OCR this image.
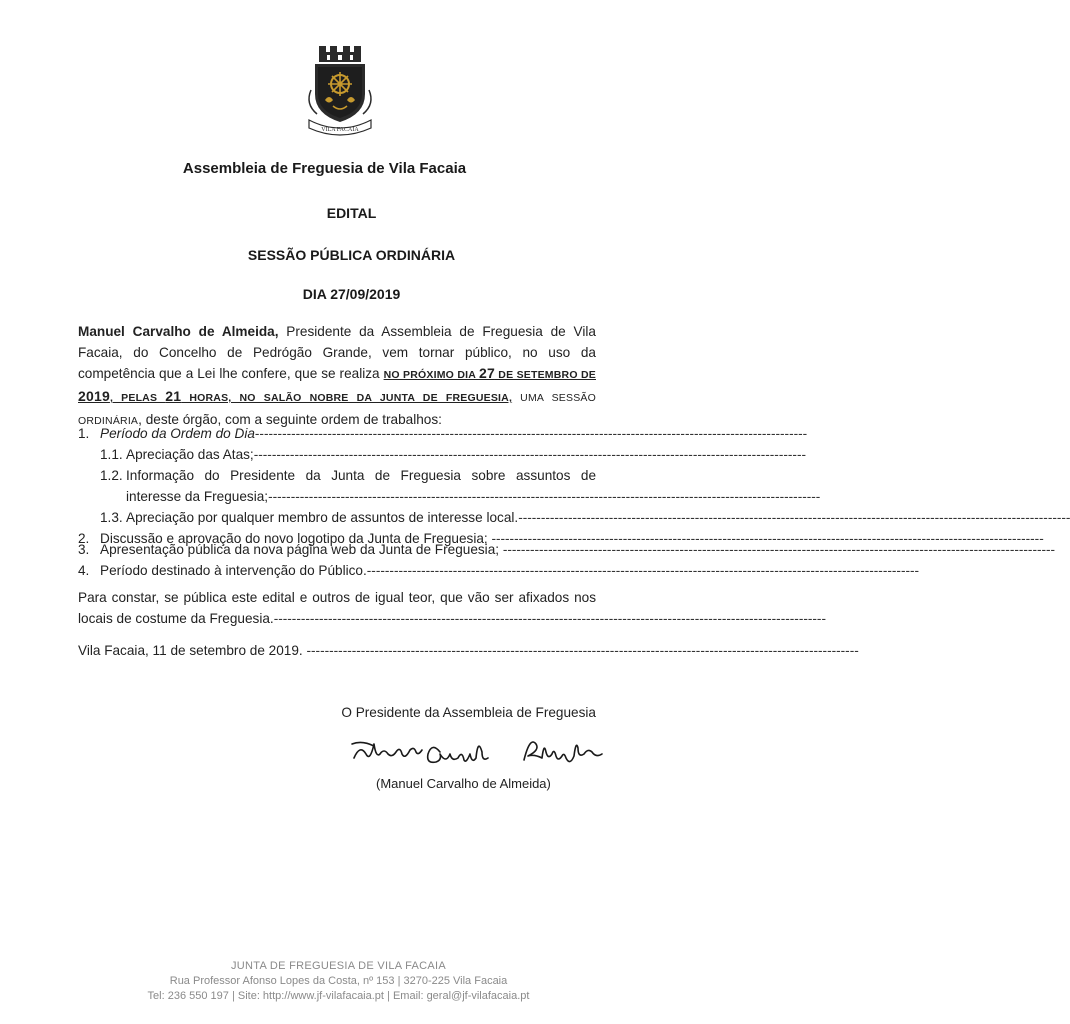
VILA FACAIA
Assembleia de Freguesia de Vila Facaia
EDITAL
SESSÃO PÚBLICA ORDINÁRIA
DIA 27/09/2019
Manuel Carvalho de Almeida, Presidente da Assembleia de Freguesia de Vila Facaia, do Concelho de Pedrógão Grande, vem tornar público, no uso da competência que a Lei lhe confere, que se realiza NO PRÓXIMO DIA 27 DE SETEMBRO DE 2019, PELAS 21 HORAS, NO SALÃO NOBRE DA JUNTA DE FREGUESIA, UMA SESSÃO ORDINÁRIA, deste órgão, com a seguinte ordem de trabalhos:
1. Período da Ordem do Dia--------------------------------------------------------------------------------------------------------------------------
1.1. Apreciação das Atas;--------------------------------------------------------------------------------------------------------------------------
1.2. Informação do Presidente da Junta de Freguesia sobre assuntos de
interesse da Freguesia;--------------------------------------------------------------------------------------------------------------------------
1.3. Apreciação por qualquer membro de assuntos de interesse local.--------------------------------------------------------------------------------------------------------------------------
2. Discussão e aprovação do novo logotipo da Junta de Freguesia; --------------------------------------------------------------------------------------------------------------------------
3. Apresentação pública da nova página web da Junta de Freguesia; --------------------------------------------------------------------------------------------------------------------------
4. Período destinado à intervenção do Público.--------------------------------------------------------------------------------------------------------------------------
Para constar, se pública este edital e outros de igual teor, que vão ser afixados nos locais de costume da Freguesia.--------------------------------------------------------------------------------------------------------------------------
Vila Facaia, 11 de setembro de 2019. --------------------------------------------------------------------------------------------------------------------------
O Presidente da Assembleia de Freguesia
(Manuel Carvalho de Almeida)
JUNTA DE FREGUESIA DE VILA FACAIA
Rua Professor Afonso Lopes da Costa, nº 153 | 3270-225 Vila Facaia
Tel: 236 550 197 | Site: http://www.jf-vilafacaia.pt | Email: geral@jf-vilafacaia.pt
